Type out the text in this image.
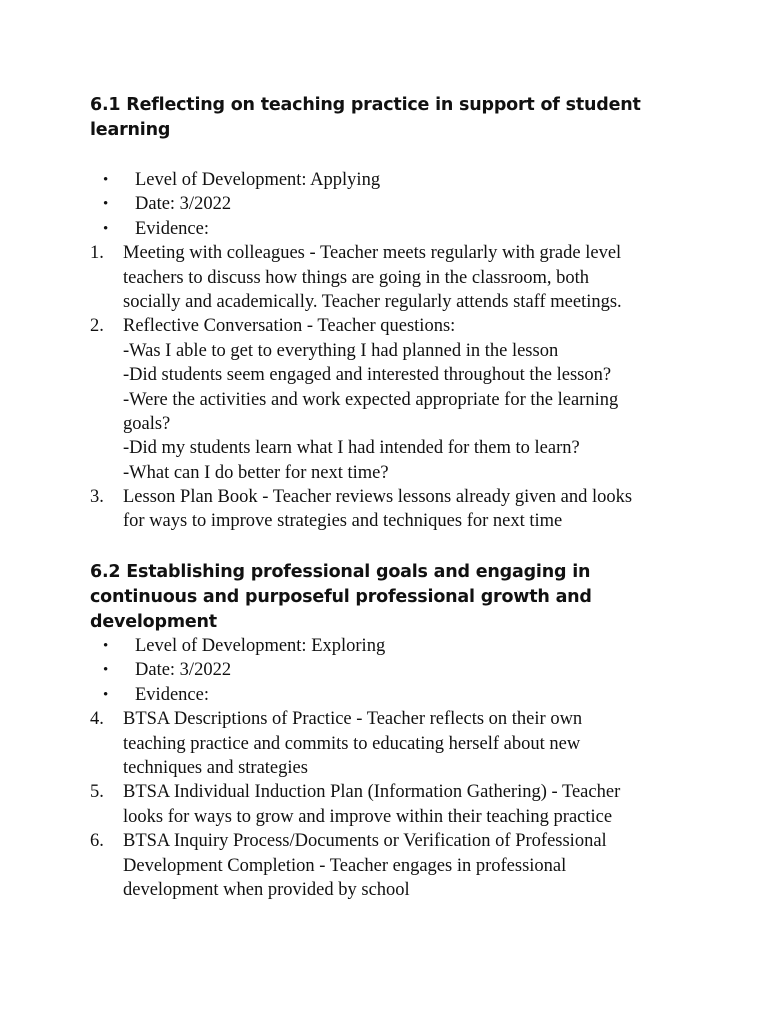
6.1 Reflecting on teaching practice in support of student learning
• Level of Development: Applying
• Date: 3/2022
• Evidence:
1. Meeting with colleagues - Teacher meets regularly with grade level
teachers to discuss how things are going in the classroom, both
socially and academically. Teacher regularly attends staff meetings.
2. Reflective Conversation - Teacher questions:
-Was I able to get to everything I had planned in the lesson
-Did students seem engaged and interested throughout the lesson?
-Were the activities and work expected appropriate for the learning
goals?
-Did my students learn what I had intended for them to learn?
-What can I do better for next time?
3. Lesson Plan Book - Teacher reviews lessons already given and looks
for ways to improve strategies and techniques for next time
6.2 Establishing professional goals and engaging in continuous and purposeful professional growth and development
• Level of Development: Exploring
• Date: 3/2022
• Evidence:
4. BTSA Descriptions of Practice - Teacher reflects on their own
teaching practice and commits to educating herself about new
techniques and strategies
5. BTSA Individual Induction Plan (Information Gathering) - Teacher
looks for ways to grow and improve within their teaching practice
6. BTSA Inquiry Process/Documents or Verification of Professional
Development Completion - Teacher engages in professional
development when provided by school
